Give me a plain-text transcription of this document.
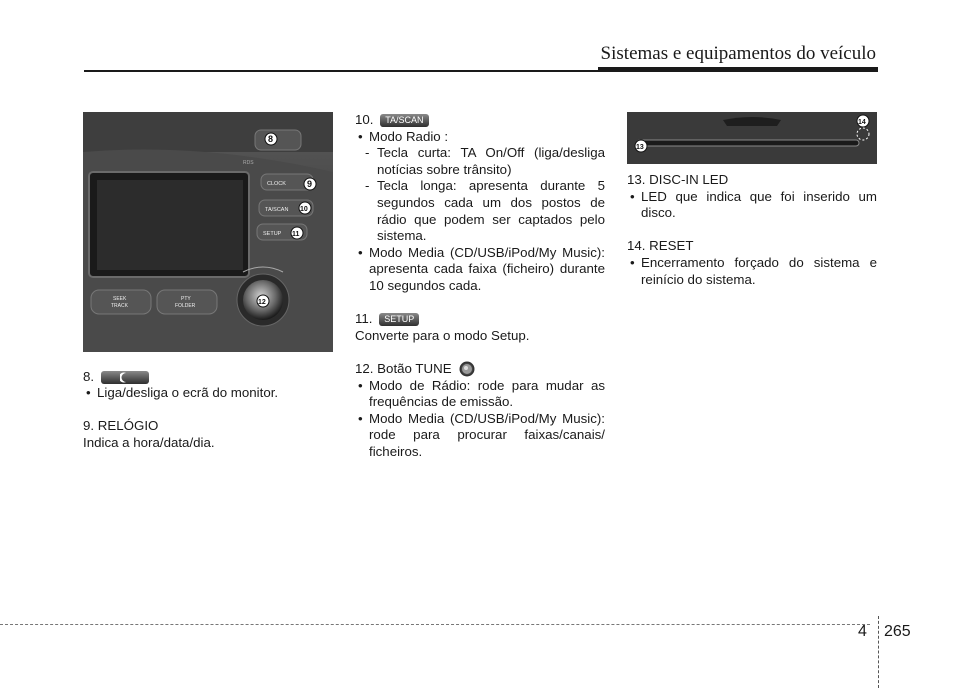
Sistemas e equipamentos do veículo
RDS
CLOCK
TA/SCAN
SETUP
SEEK
TRACK
PTY
FOLDER
8
9
10
11
12

8.

• Liga/desliga o ecrã do monitor.

9. RELÓGIO

Indica a hora/data/dia.

10. TA/SCAN

• Modo Radio :

- Tecla curta: TA On/Off (liga/desliga notícias sobre trânsito)

- Tecla longa: apresenta durante 5 segundos cada um dos postos de rádio que podem ser captados pelo sistema.

• Modo Media (CD/USB/iPod/My Music): apresenta cada faixa (ficheiro) durante 10 segundos cada.

11. SETUP

Converte para o modo Setup.

12. Botão TUNE

• Modo de Rádio: rode para mudar as frequências de emissão.

• Modo Media (CD/USB/iPod/My Music): rode para procurar faixas/canais/ ficheiros.

13
14

13. DISC-IN LED

• LED que indica que foi inserido um disco.

14. RESET

• Encerramento forçado do sistema e reinício do sistema.

4 265
